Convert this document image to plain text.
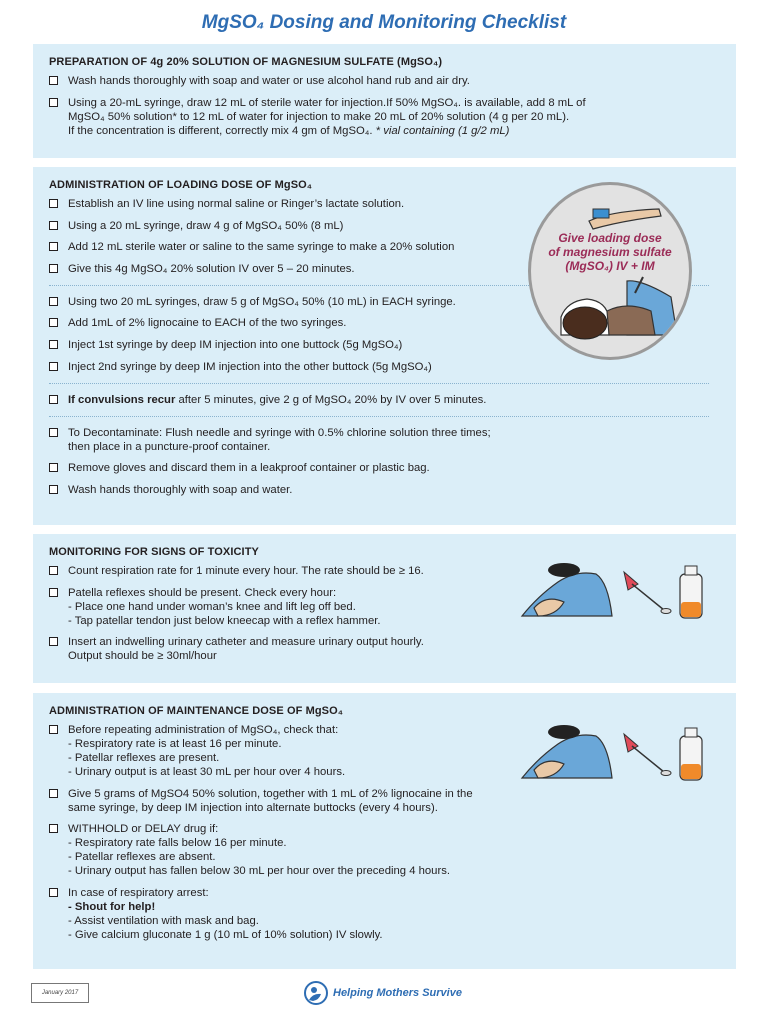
MgSO₄ Dosing and Monitoring Checklist
PREPARATION OF 4g 20% SOLUTION OF MAGNESIUM SULFATE (MgSO₄)
Wash hands thoroughly with soap and water or use alcohol hand rub and air dry.
Using a 20-mL syringe, draw 12 mL of sterile water for injection.If 50% MgSO₄. is available, add 8 mL of
MgSO₄ 50% solution* to 12 mL of water for injection to make 20 mL of 20% solution (4 g per 20 mL).
If the concentration is different, correctly mix 4 gm of MgSO₄. * vial containing (1 g/2 mL)
ADMINISTRATION OF LOADING DOSE OF MgSO₄
Establish an IV line using normal saline or Ringer’s lactate solution.
Using a 20 mL syringe, draw 4 g of MgSO₄ 50% (8 mL)
Add 12 mL sterile water or saline to the same syringe to make a 20% solution
Give this 4g MgSO₄ 20% solution IV over 5 – 20 minutes.
Using two 20 mL syringes, draw 5 g of MgSO₄ 50% (10 mL) in EACH syringe.
Add 1mL of 2% lignocaine to EACH of the two syringes.
Inject 1st syringe by deep IM injection into one buttock (5g MgSO₄)
Inject 2nd syringe by deep IM injection into the other buttock (5g MgSO₄)
If convulsions recur after 5 minutes, give 2 g of MgSO₄ 20% by IV over 5 minutes.
To Decontaminate: Flush needle and syringe with 0.5% chlorine solution three times;
then place in a puncture-proof container.
Remove gloves and discard them in a leakproof container or plastic bag.
Wash hands thoroughly with soap and water.
Give loading dose
of magnesium sulfate
(MgSO₄) IV + IM
MONITORING FOR SIGNS OF TOXICITY
Count respiration rate for 1 minute every hour. The rate should be ≥ 16.
Patella reflexes should be present. Check every hour:
- Place one hand under woman’s knee and lift leg off bed.
- Tap patellar tendon just below kneecap with a reflex hammer.
Insert an indwelling urinary catheter and measure urinary output hourly.
Output should be ≥ 30ml/hour
ADMINISTRATION OF MAINTENANCE DOSE OF MgSO₄
Before repeating administration of MgSO₄, check that:
- Respiratory rate is at least 16 per minute.
- Patellar reflexes are present.
- Urinary output is at least 30 mL per hour over 4 hours.
Give 5 grams of MgSO4 50% solution, together with 1 mL of 2% lignocaine in the
same syringe, by deep IM injection into alternate buttocks (every 4 hours).
WITHHOLD or DELAY drug if:
- Respiratory rate falls below 16 per minute.
- Patellar reflexes are absent.
- Urinary output has fallen below 30 mL per hour over the preceding 4 hours.
In case of respiratory arrest:
- Shout for help!
- Assist ventilation with mask and bag.
- Give calcium gluconate 1 g (10 mL of 10% solution) IV slowly.
January 2017	Helping Mothers Survive
